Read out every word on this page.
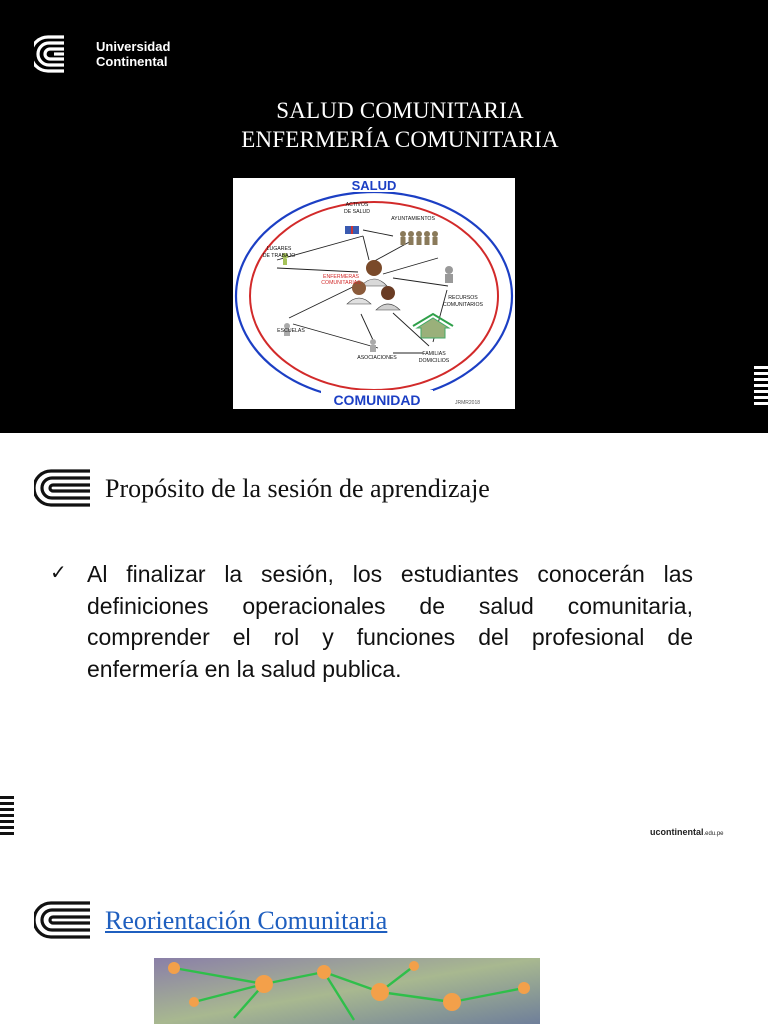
Universidad
Continental
SALUD COMUNITARIA
ENFERMERÍA COMUNITARIA
SALUD
COMUNIDAD	JRMR2018
ACTIVOS DE SALUD
AYUNTAMIENTOS
LUGARES DE TRABAJO
ENFERMERAS COMUNITARIAS
RECURSOS COMUNITARIOS
ESCUELAS
ASOCIACIONES
FAMILIAS DOMICILIOS
Propósito de la sesión de aprendizaje
✓ Al finalizar la sesión, los estudiantes conocerán las definiciones operacionales de salud comunitaria, comprender el rol y funciones del profesional de enfermería en la salud publica.
ucontinental.edu.pe
Reorientación Comunitaria
